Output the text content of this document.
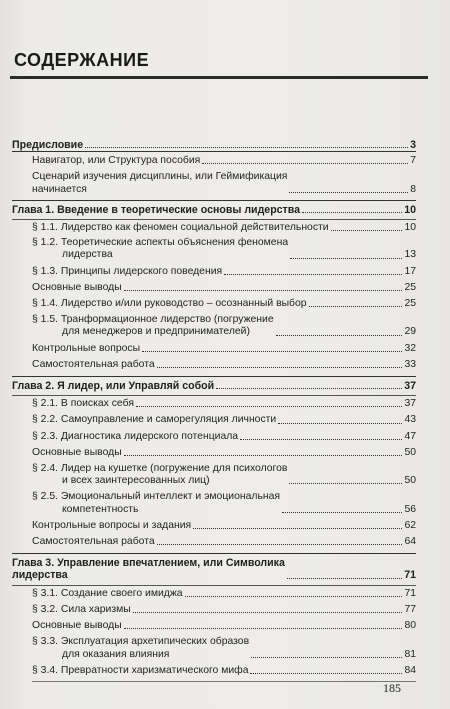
СОДЕРЖАНИЕ
Предисловие	3
Навигатор, или Структура пособия	7
Сценарий изучения дисциплины, или Геймификация
начинается	8
Глава 1. Введение в теоретические основы лидерства	10
§ 1.1. Лидерство как феномен социальной действительности	10
§ 1.2. Теоретические аспекты объяснения феномена
лидерства	13
§ 1.3. Принципы лидерского поведения	17
Основные выводы	25
§ 1.4. Лидерство и/или руководство – осознанный выбор	25
§ 1.5. Транформационное лидерство (погружение
для менеджеров и предпринимателей)	29
Контрольные вопросы	32
Самостоятельная работа	33
Глава 2. Я лидер, или Управляй собой	37
§ 2.1. В поисках себя	37
§ 2.2. Самоуправление и саморегуляция личности	43
§ 2.3. Диагностика лидерского потенциала	47
Основные выводы	50
§ 2.4. Лидер на кушетке (погружение для психологов
и всех заинтересованных лиц)	50
§ 2.5. Эмоциональный интеллект и эмоциональная
компетентность	56
Контрольные вопросы и задания	62
Самостоятельная работа	64
Глава 3. Управление впечатлением, или Символика
лидерства	71
§ 3.1. Создание своего имиджа	71
§ 3.2. Сила харизмы	77
Основные выводы	80
§ 3.3. Эксплуатация архетипических образов
для оказания влияния	81
§ 3.4. Превратности харизматического мифа	84
185
